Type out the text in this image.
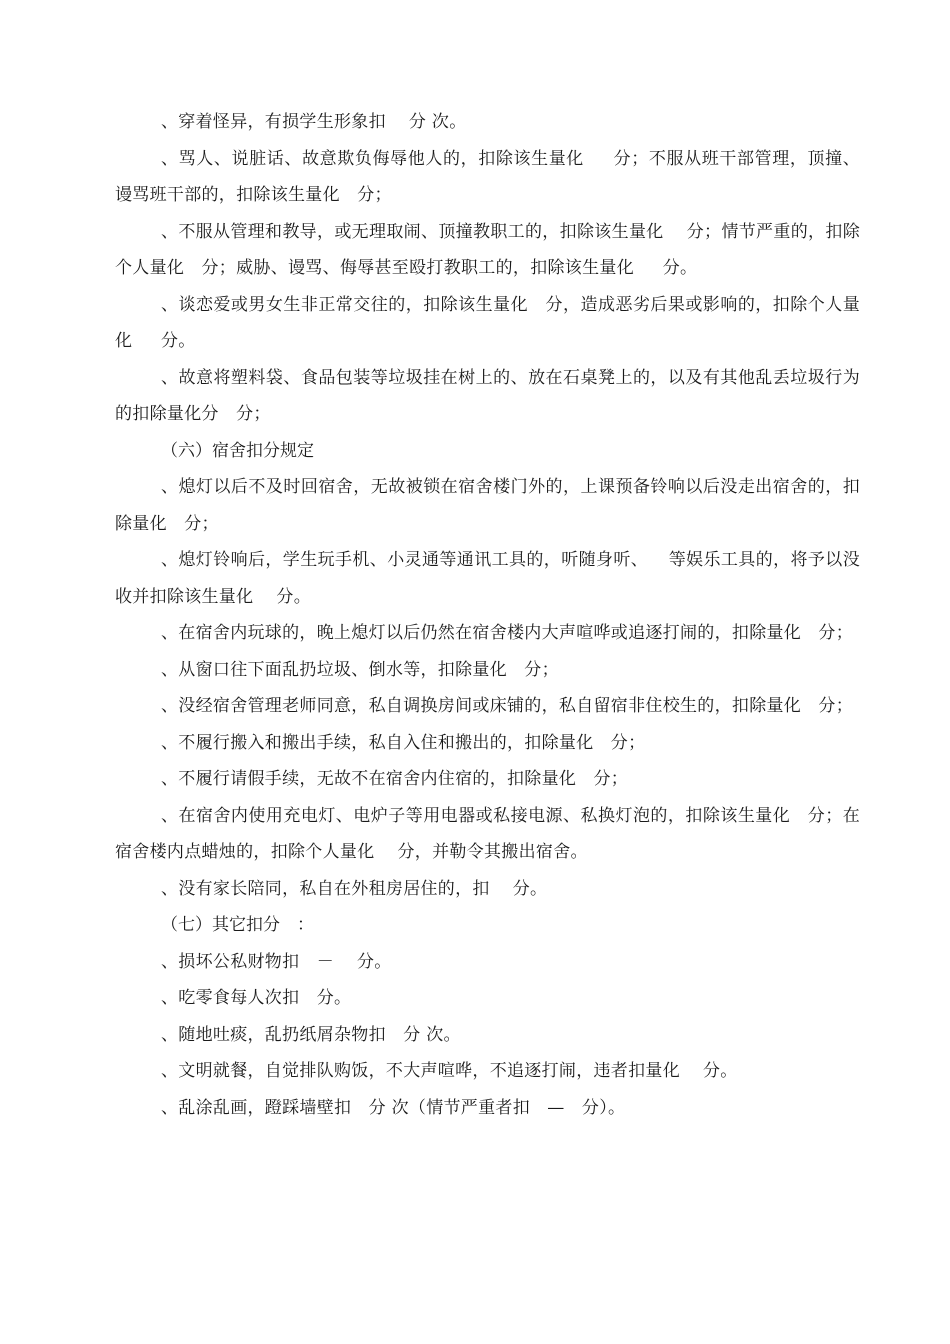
、穿着怪异，有损学生形象扣　 分 次。

、骂人、说脏话、故意欺负侮辱他人的，扣除该生量化　  分；不服从班干部管理，顶撞、谩骂班干部的，扣除该生量化　分；

、不服从管理和教导，或无理取闹、顶撞教职工的，扣除该生量化　 分；情节严重的，扣除个人量化　分；威胁、谩骂、侮辱甚至殴打教职工的，扣除该生量化　  分。

、谈恋爱或男女生非正常交往的，扣除该生量化　分，造成恶劣后果或影响的，扣除个人量化　  分。

、故意将塑料袋、食品包装等垃圾挂在树上的、放在石桌凳上的，以及有其他乱丢垃圾行为的扣除量化分　分；

（六）宿舍扣分规定

、熄灯以后不及时回宿舍，无故被锁在宿舍楼门外的，上课预备铃响以后没走出宿舍的，扣除量化　分；

、熄灯铃响后，学生玩手机、小灵通等通讯工具的，听随身听、　  等娱乐工具的，将予以没收并扣除该生量化　 分。

、在宿舍内玩球的，晚上熄灯以后仍然在宿舍楼内大声喧哗或追逐打闹的，扣除量化　分；

、从窗口往下面乱扔垃圾、倒水等，扣除量化　分；

、没经宿舍管理老师同意，私自调换房间或床铺的，私自留宿非住校生的，扣除量化　分；

、不履行搬入和搬出手续，私自入住和搬出的，扣除量化　分；

、不履行请假手续，无故不在宿舍内住宿的，扣除量化　分；

、在宿舍内使用充电灯、电炉子等用电器或私接电源、私换灯泡的，扣除该生量化　分；在宿舍楼内点蜡烛的，扣除个人量化　 分，并勒令其搬出宿舍。

、没有家长陪同，私自在外租房居住的，扣　 分。

（七）其它扣分　：

、损坏公私财物扣　－　 分。

、吃零食每人次扣　分。

、随地吐痰，乱扔纸屑杂物扣　分 次。

、文明就餐，自觉排队购饭，不大声喧哗，不追逐打闹，违者扣量化　 分。

、乱涂乱画，蹬踩墙壁扣　分 次（情节严重者扣　—　分）。
